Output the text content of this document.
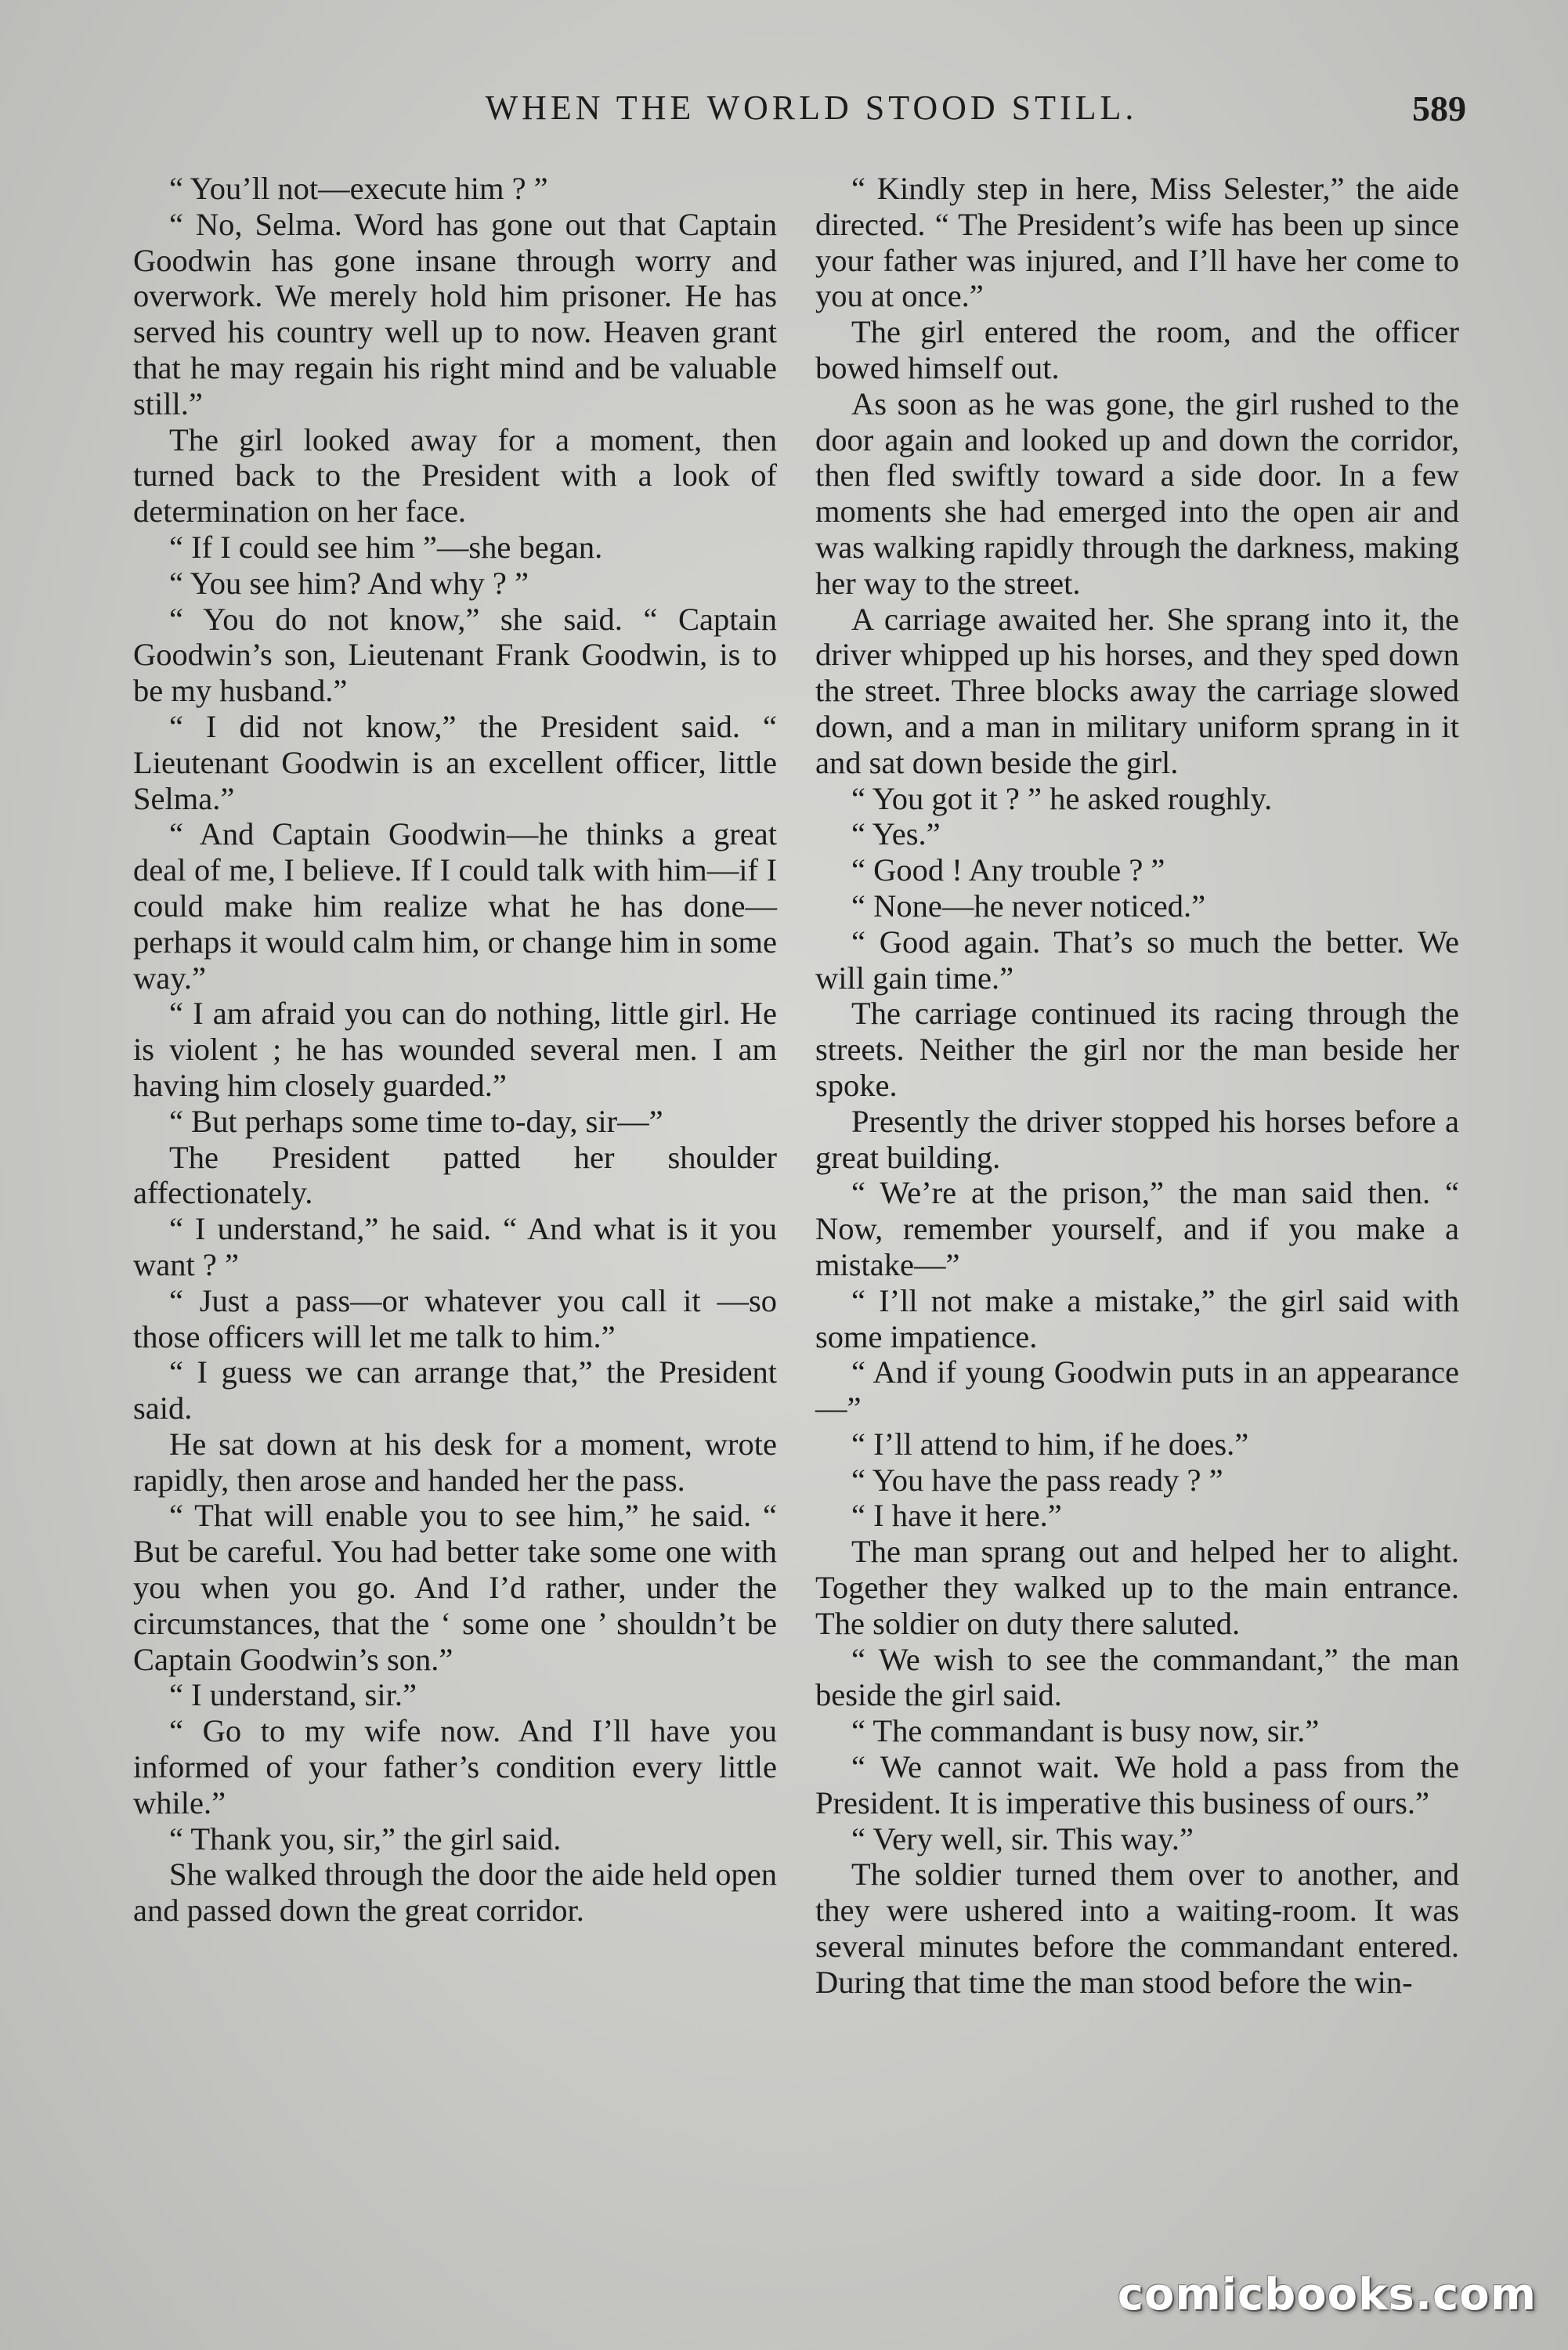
WHEN THE WORLD STOOD STILL.	589

“ You’ll not—execute him ? ”

“ No, Selma. Word has gone out that Captain Goodwin has gone insane through worry and overwork. We merely hold him prisoner. He has served his country well up to now. Heaven grant that he may regain his right mind and be valuable still.”

The girl looked away for a moment, then turned back to the President with a look of determination on her face.

“ If I could see him ”—she began.

“ You see him? And why ? ”

“ You do not know,” she said. “ Captain Goodwin’s son, Lieutenant Frank Goodwin, is to be my husband.”

“ I did not know,” the President said. “ Lieutenant Goodwin is an excellent officer, little Selma.”

“ And Captain Goodwin—he thinks a great deal of me, I believe. If I could talk with him—if I could make him realize what he has done—perhaps it would calm him, or change him in some way.”

“ I am afraid you can do nothing, little girl. He is violent ; he has wounded several men. I am having him closely guarded.”

“ But perhaps some time to-day, sir—”

The President patted her shoulder affectionately.

“ I understand,” he said. “ And what is it you want ? ”

“ Just a pass—or whatever you call it —so those officers will let me talk to him.”

“ I guess we can arrange that,” the President said.

He sat down at his desk for a moment, wrote rapidly, then arose and handed her the pass.

“ That will enable you to see him,” he said. “ But be careful. You had better take some one with you when you go. And I’d rather, under the circumstances, that the ‘ some one ’ shouldn’t be Captain Goodwin’s son.”

“ I understand, sir.”

“ Go to my wife now. And I’ll have you informed of your father’s condition every little while.”

“ Thank you, sir,” the girl said.

She walked through the door the aide held open and passed down the great corridor.

“ Kindly step in here, Miss Selester,” the aide directed. “ The President’s wife has been up since your father was injured, and I’ll have her come to you at once.”

The girl entered the room, and the officer bowed himself out.

As soon as he was gone, the girl rushed to the door again and looked up and down the corridor, then fled swiftly toward a side door. In a few moments she had emerged into the open air and was walking rapidly through the darkness, making her way to the street.

A carriage awaited her. She sprang into it, the driver whipped up his horses, and they sped down the street. Three blocks away the carriage slowed down, and a man in military uniform sprang in it and sat down beside the girl.

“ You got it ? ” he asked roughly.

“ Yes.”

“ Good ! Any trouble ? ”

“ None—he never noticed.”

“ Good again. That’s so much the better. We will gain time.”

The carriage continued its racing through the streets. Neither the girl nor the man beside her spoke.

Presently the driver stopped his horses before a great building.

“ We’re at the prison,” the man said then. “ Now, remember yourself, and if you make a mistake—”

“ I’ll not make a mistake,” the girl said with some impatience.

“ And if young Goodwin puts in an appearance—”

“ I’ll attend to him, if he does.”

“ You have the pass ready ? ”

“ I have it here.”

The man sprang out and helped her to alight. Together they walked up to the main entrance. The soldier on duty there saluted.

“ We wish to see the commandant,” the man beside the girl said.

“ The commandant is busy now, sir.”

“ We cannot wait. We hold a pass from the President. It is imperative this business of ours.”

“ Very well, sir. This way.”

The soldier turned them over to another, and they were ushered into a waiting-room. It was several minutes before the commandant entered. During that time the man stood before the win-

comicbooks.com
